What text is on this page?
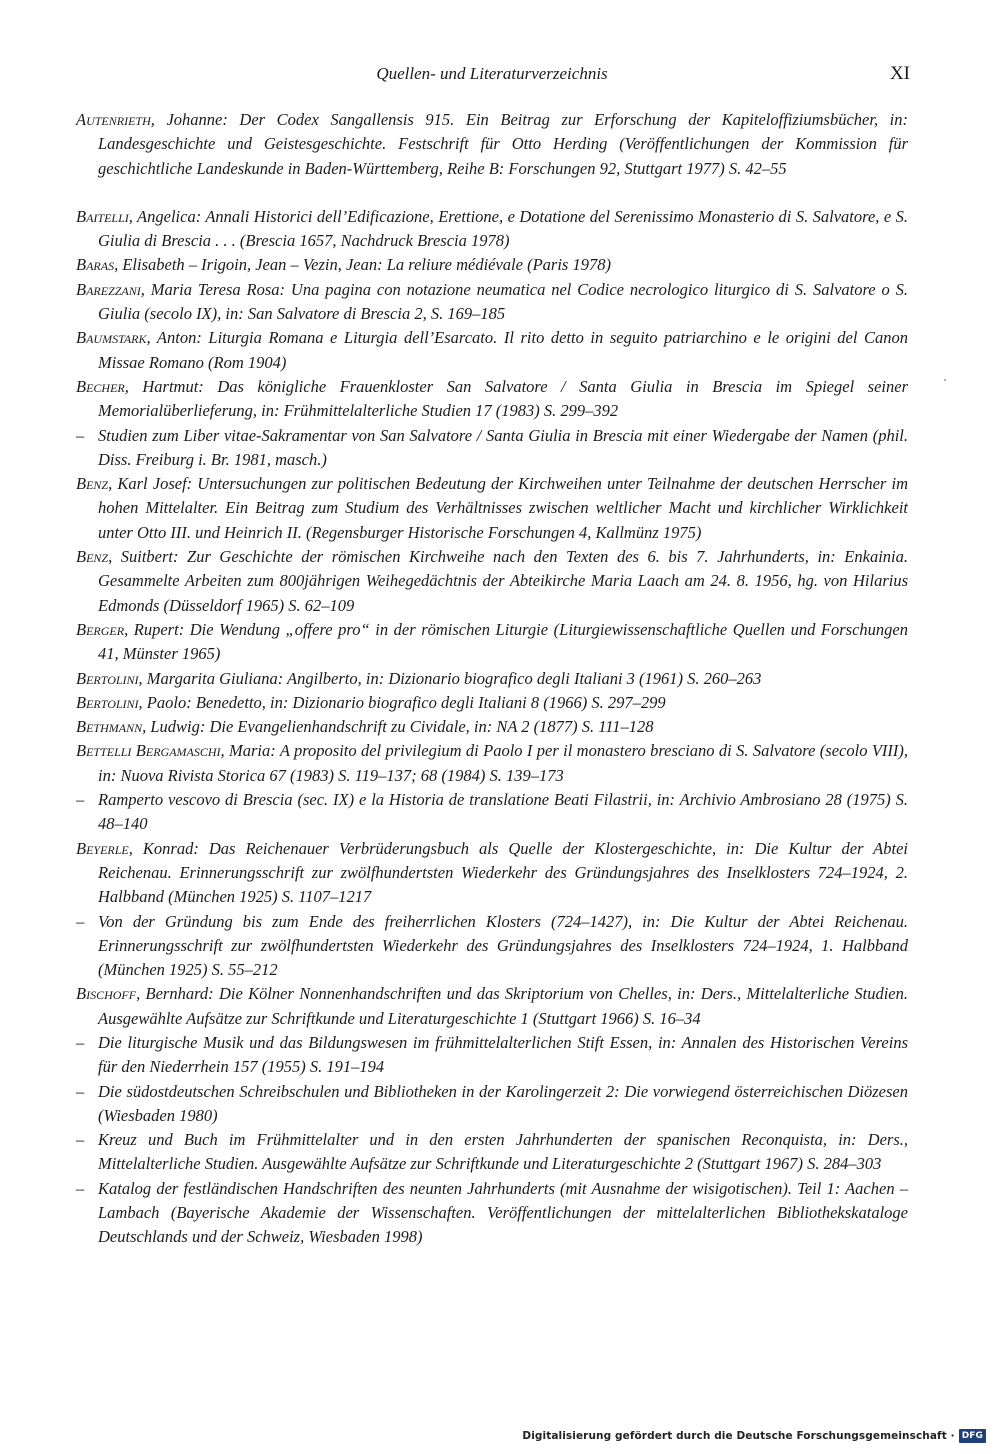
Quellen- und Literaturverzeichnis	XI

Autenrieth, Johanne: Der Codex Sangallensis 915. Ein Beitrag zur Erforschung der Kapiteloffiziumsbücher, in: Landesgeschichte und Geistesgeschichte. Festschrift für Otto Herding (Veröffentlichungen der Kommission für geschichtliche Landeskunde in Baden-Württemberg, Reihe B: Forschungen 92, Stuttgart 1977) S. 42–55

Baitelli, Angelica: Annali Historici dell’Edificazione, Erettione, e Dotatione del Serenissimo Monasterio di S. Salvatore, e S. Giulia di Brescia . . . (Brescia 1657, Nachdruck Brescia 1978)

Baras, Elisabeth – Irigoin, Jean – Vezin, Jean: La reliure médiévale (Paris 1978)

Barezzani, Maria Teresa Rosa: Una pagina con notazione neumatica nel Codice necrologico liturgico di S. Salvatore o S. Giulia (secolo IX), in: San Salvatore di Brescia 2, S. 169–185

Baumstark, Anton: Liturgia Romana e Liturgia dell’Esarcato. Il rito detto in seguito patriarchino e le origini del Canon Missae Romano (Rom 1904)

Becher, Hartmut: Das königliche Frauenkloster San Salvatore / Santa Giulia in Brescia im Spiegel seiner Memorialüberlieferung, in: Frühmittelalterliche Studien 17 (1983) S. 299–392

– Studien zum Liber vitae-Sakramentar von San Salvatore / Santa Giulia in Brescia mit einer Wiedergabe der Namen (phil. Diss. Freiburg i. Br. 1981, masch.)

Benz, Karl Josef: Untersuchungen zur politischen Bedeutung der Kirchweihen unter Teilnahme der deutschen Herrscher im hohen Mittelalter. Ein Beitrag zum Studium des Verhältnisses zwischen weltlicher Macht und kirchlicher Wirklichkeit unter Otto III. und Heinrich II. (Regensburger Historische Forschungen 4, Kallmünz 1975)

Benz, Suitbert: Zur Geschichte der römischen Kirchweihe nach den Texten des 6. bis 7. Jahrhunderts, in: Enkainia. Gesammelte Arbeiten zum 800jährigen Weihegedächtnis der Abteikirche Maria Laach am 24. 8. 1956, hg. von Hilarius Edmonds (Düsseldorf 1965) S. 62–109

Berger, Rupert: Die Wendung „offere pro“ in der römischen Liturgie (Liturgiewissenschaftliche Quellen und Forschungen 41, Münster 1965)

Bertolini, Margarita Giuliana: Angilberto, in: Dizionario biografico degli Italiani 3 (1961) S. 260–263

Bertolini, Paolo: Benedetto, in: Dizionario biografico degli Italiani 8 (1966) S. 297–299

Bethmann, Ludwig: Die Evangelienhandschrift zu Cividale, in: NA 2 (1877) S. 111–128

Bettelli Bergamaschi, Maria: A proposito del privilegium di Paolo I per il monastero bresciano di S. Salvatore (secolo VIII), in: Nuova Rivista Storica 67 (1983) S. 119–137; 68 (1984) S. 139–173

– Ramperto vescovo di Brescia (sec. IX) e la Historia de translatione Beati Filastrii, in: Archivio Ambrosiano 28 (1975) S. 48–140

Beyerle, Konrad: Das Reichenauer Verbrüderungsbuch als Quelle der Klostergeschichte, in: Die Kultur der Abtei Reichenau. Erinnerungsschrift zur zwölfhundertsten Wiederkehr des Gründungsjahres des Inselklosters 724–1924, 2. Halbband (München 1925) S. 1107–1217

– Von der Gründung bis zum Ende des freiherrlichen Klosters (724–1427), in: Die Kultur der Abtei Reichenau. Erinnerungsschrift zur zwölfhundertsten Wiederkehr des Gründungsjahres des Inselklosters 724–1924, 1. Halbband (München 1925) S. 55–212

Bischoff, Bernhard: Die Kölner Nonnenhandschriften und das Skriptorium von Chelles, in: Ders., Mittelalterliche Studien. Ausgewählte Aufsätze zur Schriftkunde und Literaturgeschichte 1 (Stuttgart 1966) S. 16–34

– Die liturgische Musik und das Bildungswesen im frühmittelalterlichen Stift Essen, in: Annalen des Historischen Vereins für den Niederrhein 157 (1955) S. 191–194

– Die südostdeutschen Schreibschulen und Bibliotheken in der Karolingerzeit 2: Die vorwiegend österreichischen Diözesen (Wiesbaden 1980)

– Kreuz und Buch im Frühmittelalter und in den ersten Jahrhunderten der spanischen Reconquista, in: Ders., Mittelalterliche Studien. Ausgewählte Aufsätze zur Schriftkunde und Literaturgeschichte 2 (Stuttgart 1967) S. 284–303

– Katalog der festländischen Handschriften des neunten Jahrhunderts (mit Ausnahme der wisigotischen). Teil 1: Aachen – Lambach (Bayerische Akademie der Wissenschaften. Veröffentlichungen der mittelalterlichen Bibliothekskataloge Deutschlands und der Schweiz, Wiesbaden 1998)

Digitalisierung gefördert durch die Deutsche Forschungsgemeinschaft · DFG
